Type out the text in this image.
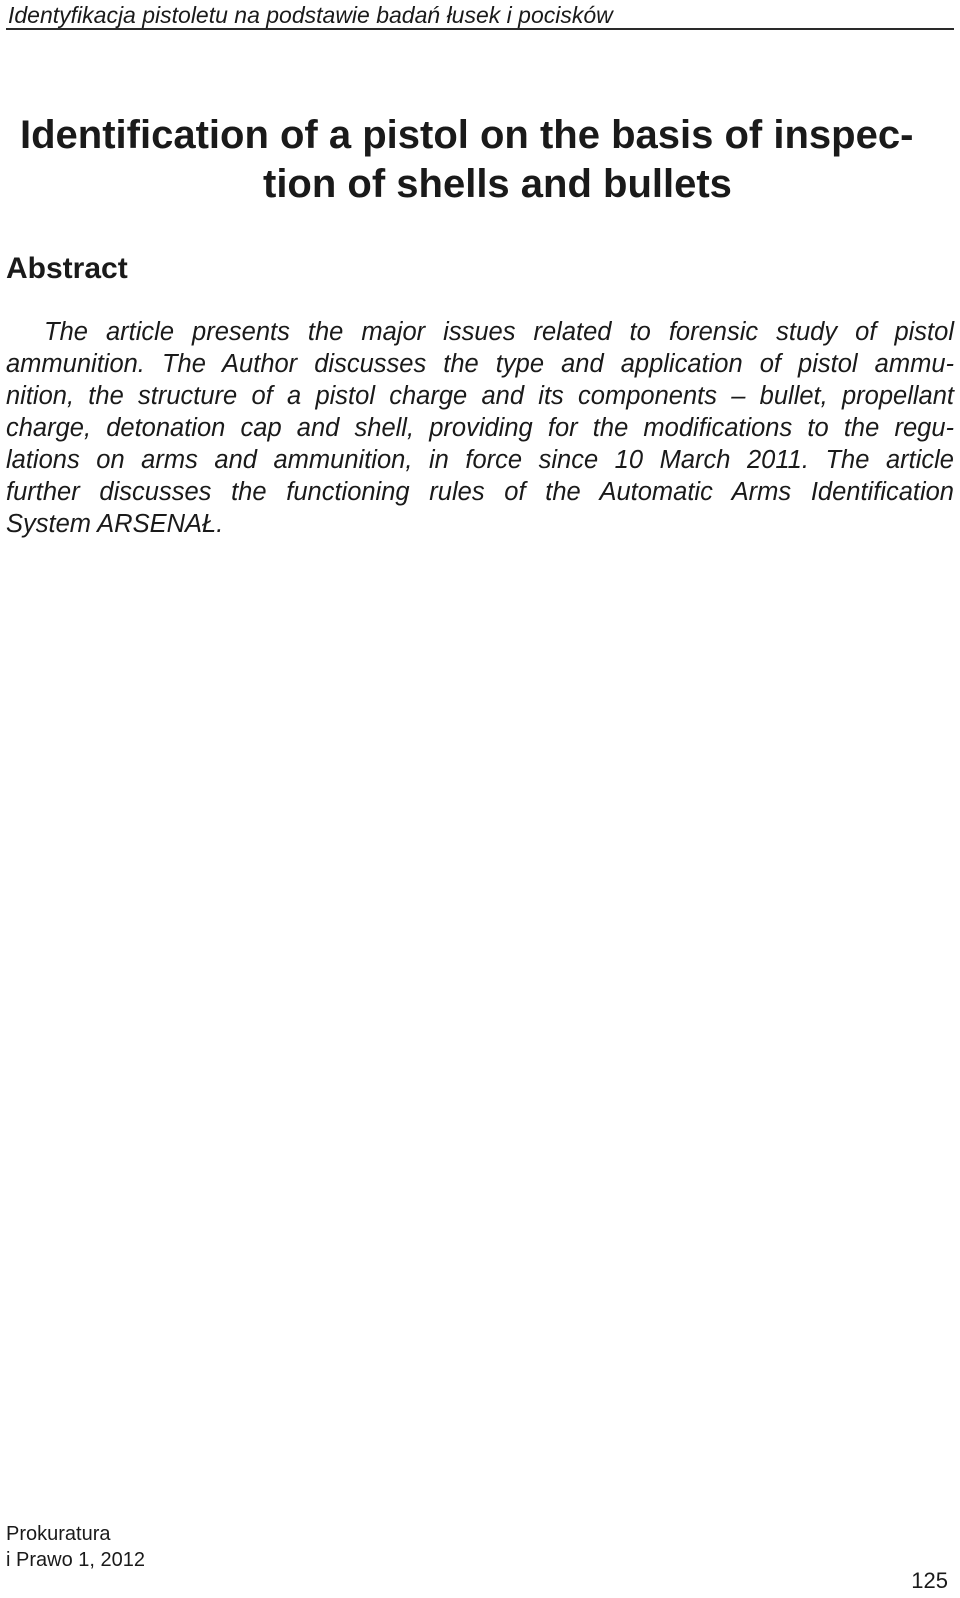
Identyfikacja pistoletu na podstawie badań łusek i pocisków
Identification of a pistol on the basis of inspec-
tion of shells and bullets
Abstract
The article presents the major issues related to forensic study of pistol
ammunition. The Author discusses the type and application of pistol ammu-
nition, the structure of a pistol charge and its components – bullet, propellant
charge, detonation cap and shell, providing for the modifications to the regu-
lations on arms and ammunition, in force since 10 March 2011. The article
further discusses the functioning rules of the Automatic Arms Identification
System ARSENAŁ.
Prokuratura
i Prawo 1, 2012
125
